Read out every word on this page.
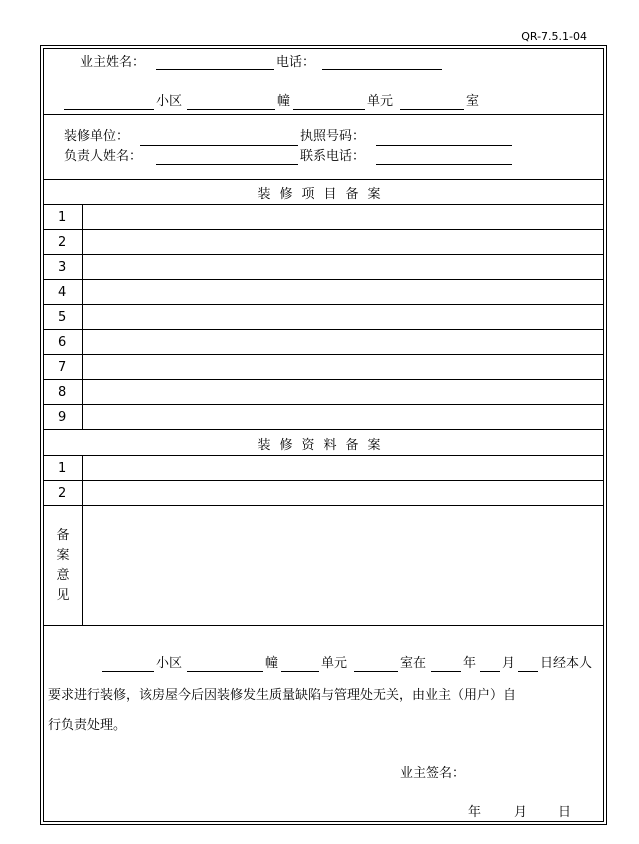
QR-7.5.1-04
业主姓名：	电话：
小区	幢	单元	室
装修单位：	执照号码：
负责人姓名：	联系电话：
装修项目备案
1
2
3
4
5
6
7
8
9
装修资料备案
1
2
备
案
意
见
小区	幢	单元	室在	年 月 日经本人
要求进行装修，该房屋今后因装修发生质量缺陷与管理处无关，由业主（用户）自
行负责处理。
业主签名：
年	月 日
